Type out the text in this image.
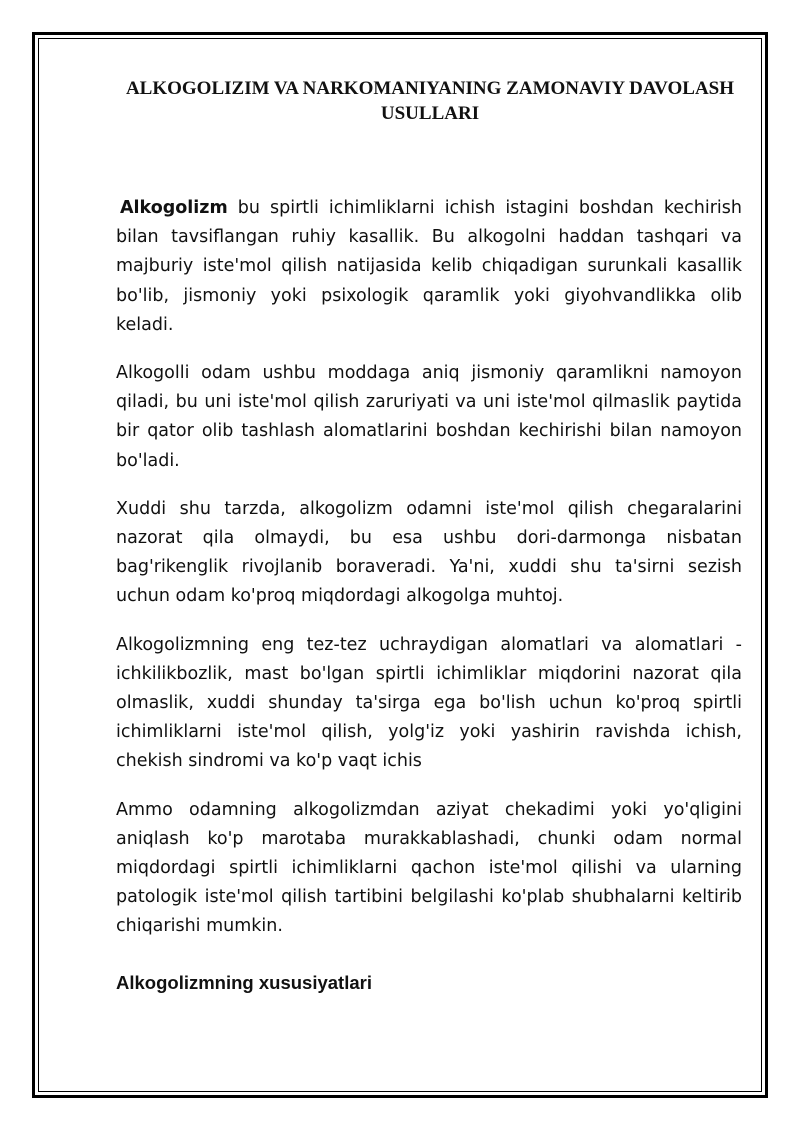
ALKOGOLIZIM VA NARKOMANIYANING ZAMONAVIY DAVOLASH USULLARI

Alkogolizm bu spirtli ichimliklarni ichish istagini boshdan kechirish bilan tavsiflangan ruhiy kasallik. Bu alkogolni haddan tashqari va majburiy iste'mol qilish natijasida kelib chiqadigan surunkali kasallik bo'lib, jismoniy yoki psixologik qaramlik yoki giyohvandlikka olib keladi.

Alkogolli odam ushbu moddaga aniq jismoniy qaramlikni namoyon qiladi, bu uni iste'mol qilish zaruriyati va uni iste'mol qilmaslik paytida bir qator olib tashlash alomatlarini boshdan kechirishi bilan namoyon bo'ladi.

Xuddi shu tarzda, alkogolizm odamni iste'mol qilish chegaralarini nazorat qila olmaydi, bu esa ushbu dori-darmonga nisbatan bag'rikenglik rivojlanib boraveradi. Ya'ni, xuddi shu ta'sirni sezish uchun odam ko'proq miqdordagi alkogolga muhtoj.

Alkogolizmning eng tez-tez uchraydigan alomatlari va alomatlari - ichkilikbozlik, mast bo'lgan spirtli ichimliklar miqdorini nazorat qila olmaslik, xuddi shunday ta'sirga ega bo'lish uchun ko'proq spirtli ichimliklarni iste'mol qilish, yolg'iz yoki yashirin ravishda ichish, chekish sindromi va ko'p vaqt ichis

Ammo odamning alkogolizmdan aziyat chekadimi yoki yo'qligini aniqlash ko'p marotaba murakkablashadi, chunki odam normal miqdordagi spirtli ichimliklarni qachon iste'mol qilishi va ularning patologik iste'mol qilish tartibini belgilashi ko'plab shubhalarni keltirib chiqarishi mumkin.

Alkogolizmning xususiyatlari
